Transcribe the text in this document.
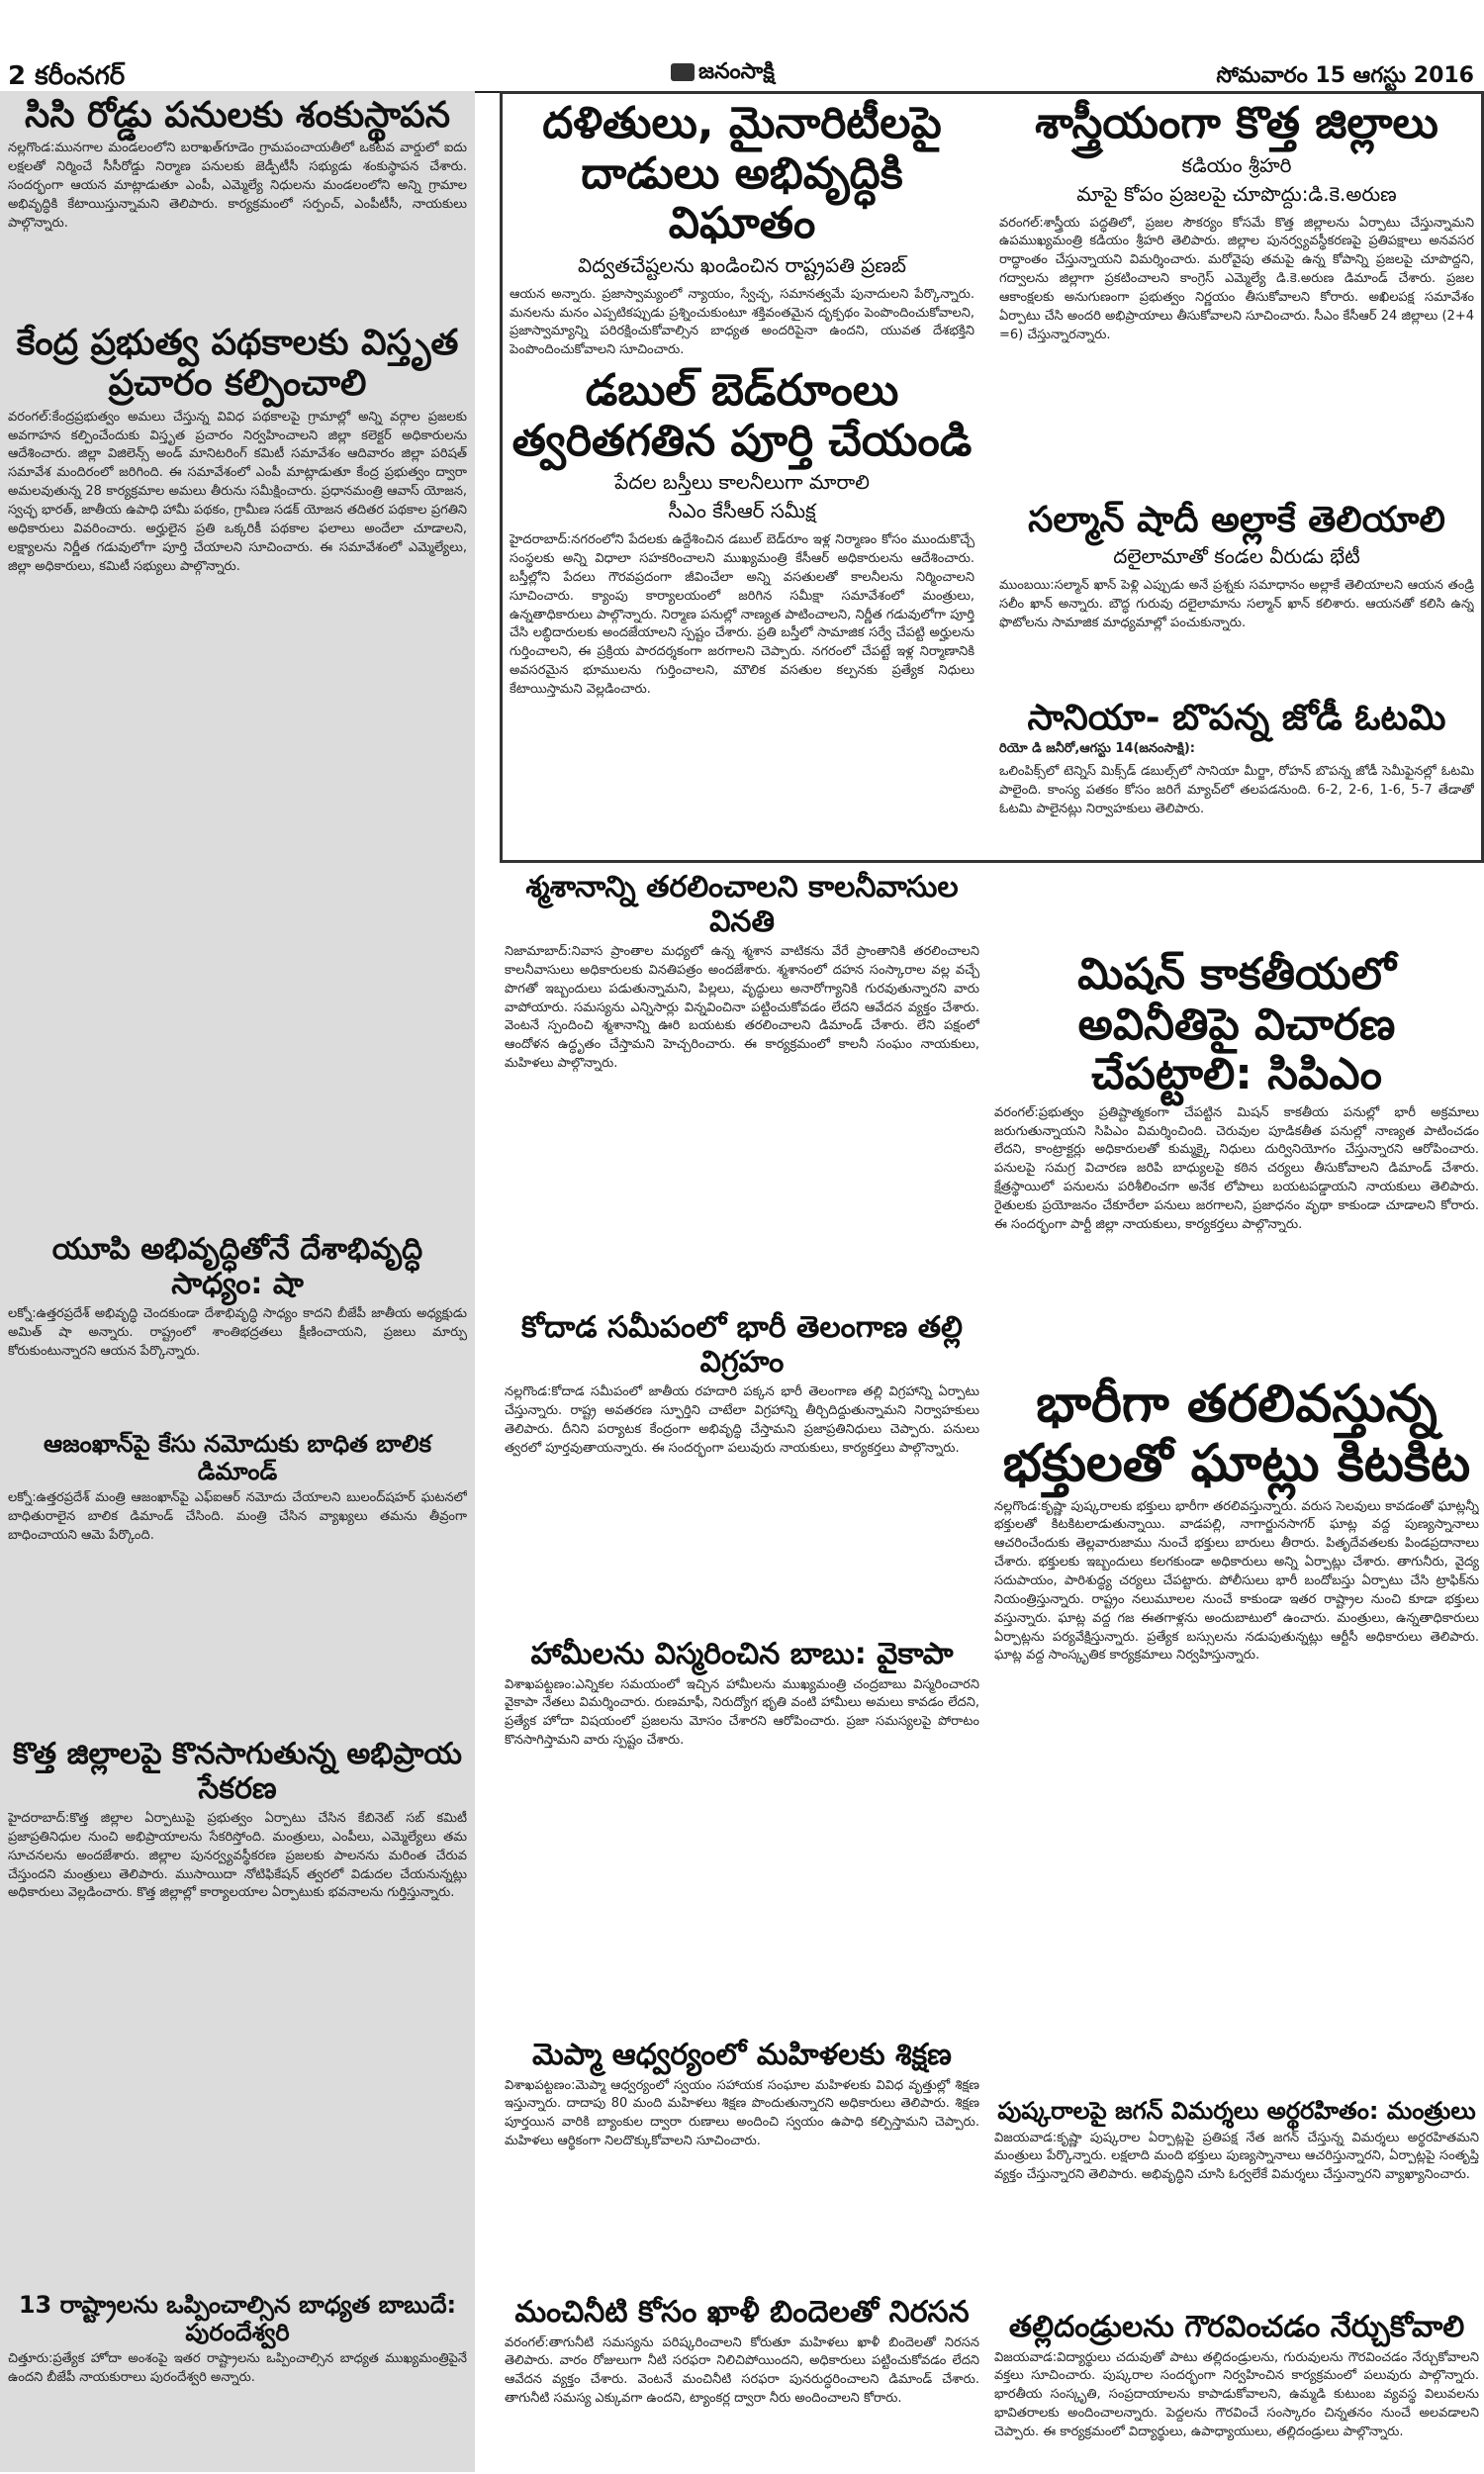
2 కరీంనగర్	జనంసాక్షి	సోమవారం 15 ఆగస్టు 2016
సిసి రోడ్డు పనులకు శంకుస్థాపన

నల్లగొండ:మునగాల మండలంలోని బరాఖత్‌గూడెం గ్రామపంచాయతీలో ఒకటవ వార్డులో ఐదు లక్షలతో నిర్మించే సీసీరోడ్డు నిర్మాణ పనులకు జెడ్పీటీసీ సభ్యుడు శంకుస్థాపన చేశారు. సందర్భంగా ఆయన మాట్లాడుతూ ఎంపీ, ఎమ్మెల్యే నిధులను మండలంలోని అన్ని గ్రామాల అభివృద్ధికి కేటాయిస్తున్నామని తెలిపారు. కార్యక్రమంలో సర్పంచ్, ఎంపీటీసీ, నాయకులు పాల్గొన్నారు.

కేంద్ర ప్రభుత్వ పథకాలకు విస్తృత ప్రచారం కల్పించాలి

వరంగల్:కేంద్రప్రభుత్వం అమలు చేస్తున్న వివిధ పథకాలపై గ్రామాల్లో అన్ని వర్గాల ప్రజలకు అవగాహన కల్పించేందుకు విస్తృత ప్రచారం నిర్వహించాలని జిల్లా కలెక్టర్ అధికారులను ఆదేశించారు. జిల్లా విజిలెన్స్ అండ్ మానిటరింగ్ కమిటీ సమావేశం ఆదివారం జిల్లా పరిషత్ సమావేశ మందిరంలో జరిగింది. ఈ సమావేశంలో ఎంపీ మాట్లాడుతూ కేంద్ర ప్రభుత్వం ద్వారా అమలవుతున్న 28 కార్యక్రమాల అమలు తీరును సమీక్షించారు. ప్రధానమంత్రి ఆవాస్ యోజన, స్వచ్ఛ భారత్, జాతీయ ఉపాధి హామీ పథకం, గ్రామీణ సడక్ యోజన తదితర పథకాల ప్రగతిని అధికారులు వివరించారు. అర్హులైన ప్రతి ఒక్కరికీ పథకాల ఫలాలు అందేలా చూడాలని, లక్ష్యాలను నిర్ణీత గడువులోగా పూర్తి చేయాలని సూచించారు. ఈ సమావేశంలో ఎమ్మెల్యేలు, జిల్లా అధికారులు, కమిటీ సభ్యులు పాల్గొన్నారు.

యూపి అభివృద్ధితోనే దేశాభివృద్ధి సాధ్యం: షా

లక్నో:ఉత్తరప్రదేశ్ అభివృద్ధి చెందకుండా దేశాభివృద్ధి సాధ్యం కాదని బీజేపీ జాతీయ అధ్యక్షుడు అమిత్ షా అన్నారు. రాష్ట్రంలో శాంతిభద్రతలు క్షీణించాయని, ప్రజలు మార్పు కోరుకుంటున్నారని ఆయన పేర్కొన్నారు.

ఆజంఖాన్‌పై కేసు నమోదుకు బాధిత బాలిక డిమాండ్

లక్నో:ఉత్తరప్రదేశ్ మంత్రి ఆజంఖాన్‌పై ఎఫ్ఐఆర్ నమోదు చేయాలని బులంద్‌షహర్ ఘటనలో బాధితురాలైన బాలిక డిమాండ్ చేసింది. మంత్రి చేసిన వ్యాఖ్యలు తమను తీవ్రంగా బాధించాయని ఆమె పేర్కొంది.

కొత్త జిల్లాలపై కొనసాగుతున్న అభిప్రాయ సేకరణ

హైదరాబాద్:కొత్త జిల్లాల ఏర్పాటుపై ప్రభుత్వం ఏర్పాటు చేసిన కేబినెట్ సబ్ కమిటీ ప్రజాప్రతినిధుల నుంచి అభిప్రాయాలను సేకరిస్తోంది. మంత్రులు, ఎంపీలు, ఎమ్మెల్యేలు తమ సూచనలను అందజేశారు. జిల్లాల పునర్వ్యవస్థీకరణ ప్రజలకు పాలనను మరింత చేరువ చేస్తుందని మంత్రులు తెలిపారు. ముసాయిదా నోటిఫికేషన్ త్వరలో విడుదల చేయనున్నట్లు అధికారులు వెల్లడించారు. కొత్త జిల్లాల్లో కార్యాలయాల ఏర్పాటుకు భవనాలను గుర్తిస్తున్నారు.

13 రాష్ట్రాలను ఒప్పించాల్సిన బాధ్యత బాబుదే: పురందేశ్వరి

చిత్తూరు:ప్రత్యేక హోదా అంశంపై ఇతర రాష్ట్రాలను ఒప్పించాల్సిన బాధ్యత ముఖ్యమంత్రిపైనే ఉందని బీజేపీ నాయకురాలు పురందేశ్వరి అన్నారు.

దళితులు, మైనారిటీలపై దాడులు అభివృద్ధికి విఘాతం
విద్వతచేష్టలను ఖండించిన రాష్ట్రపతి ప్రణబ్

ఆయన అన్నారు. ప్రజాస్వామ్యంలో న్యాయం, స్వేచ్ఛ, సమానత్వమే పునాదులని పేర్కొన్నారు. మనలను మనం ఎప్పటికప్పుడు ప్రశ్నించుకుంటూ శక్తివంతమైన దృక్పథం పెంపొందించుకోవాలని, ప్రజాస్వామ్యాన్ని పరిరక్షించుకోవాల్సిన బాధ్యత అందరిపైనా ఉందని, యువత దేశభక్తిని పెంపొందించుకోవాలని సూచించారు.

డబుల్ బెడ్‌రూంలు త్వరితగతిన పూర్తి చేయండి
పేదల బస్తీలు కాలనీలుగా మారాలి
సీఎం కేసీఆర్ సమీక్ష

హైదరాబాద్:నగరంలోని పేదలకు ఉద్దేశించిన డబుల్ బెడ్‌రూం ఇళ్ల నిర్మాణం కోసం ముందుకొచ్చే సంస్థలకు అన్ని విధాలా సహకరించాలని ముఖ్యమంత్రి కేసీఆర్ అధికారులను ఆదేశించారు. బస్తీల్లోని పేదలు గౌరవప్రదంగా జీవించేలా అన్ని వసతులతో కాలనీలను నిర్మించాలని సూచించారు. క్యాంపు కార్యాలయంలో జరిగిన సమీక్షా సమావేశంలో మంత్రులు, ఉన్నతాధికారులు పాల్గొన్నారు. నిర్మాణ పనుల్లో నాణ్యత పాటించాలని, నిర్ణీత గడువులోగా పూర్తి చేసి లబ్ధిదారులకు అందజేయాలని స్పష్టం చేశారు. ప్రతి బస్తీలో సామాజిక సర్వే చేపట్టి అర్హులను గుర్తించాలని, ఈ ప్రక్రియ పారదర్శకంగా జరగాలని చెప్పారు. నగరంలో చేపట్టే ఇళ్ల నిర్మాణానికి అవసరమైన భూములను గుర్తించాలని, మౌలిక వసతుల కల్పనకు ప్రత్యేక నిధులు కేటాయిస్తామని వెల్లడించారు.

శాస్త్రీయంగా కొత్త జిల్లాలు
కడియం శ్రీహరి
మాపై కోపం ప్రజలపై చూపొద్దు:డి.కె.అరుణ

వరంగల్:శాస్త్రీయ పద్ధతిలో, ప్రజల సౌకర్యం కోసమే కొత్త జిల్లాలను ఏర్పాటు చేస్తున్నామని ఉపముఖ్యమంత్రి కడియం శ్రీహరి తెలిపారు. జిల్లాల పునర్వ్యవస్థీకరణపై ప్రతిపక్షాలు అనవసర రాద్ధాంతం చేస్తున్నాయని విమర్శించారు. మరోవైపు తమపై ఉన్న కోపాన్ని ప్రజలపై చూపొద్దని, గద్వాలను జిల్లాగా ప్రకటించాలని కాంగ్రెస్ ఎమ్మెల్యే డి.కె.అరుణ డిమాండ్ చేశారు. ప్రజల ఆకాంక్షలకు అనుగుణంగా ప్రభుత్వం నిర్ణయం తీసుకోవాలని కోరారు. అఖిలపక్ష సమావేశం ఏర్పాటు చేసి అందరి అభిప్రాయాలు తీసుకోవాలని సూచించారు. సీఎం కేసీఆర్ 24 జిల్లాలు (2+4 =6) చేస్తున్నారన్నారు.

సల్మాన్ షాదీ అల్లాకే తెలియాలి
దలైలామాతో కండల వీరుడు భేటీ

ముంబయి:సల్మాన్ ఖాన్ పెళ్లి ఎప్పుడు అనే ప్రశ్నకు సమాధానం అల్లాకే తెలియాలని ఆయన తండ్రి సలీం ఖాన్ అన్నారు. బౌద్ధ గురువు దలైలామాను సల్మాన్ ఖాన్ కలిశారు. ఆయనతో కలిసి ఉన్న ఫొటోలను సామాజిక మాధ్యమాల్లో పంచుకున్నారు.

సానియా- బొపన్న జోడీ ఓటమి

రియో డి జనీరో,ఆగస్టు 14(జనంసాక్షి):

ఒలింపిక్స్‌లో టెన్నిస్ మిక్స్‌డ్ డబుల్స్‌లో సానియా మీర్జా, రోహన్ బొపన్న జోడీ సెమీఫైనల్లో ఓటమి పాలైంది. కాంస్య పతకం కోసం జరిగే మ్యాచ్‌లో తలపడనుంది. 6-2, 2-6, 1-6, 5-7 తేడాతో ఓటమి పాలైనట్లు నిర్వాహకులు తెలిపారు.

శ్మశానాన్ని తరలించాలని కాలనీవాసుల వినతి

నిజామాబాద్:నివాస ప్రాంతాల మధ్యలో ఉన్న శ్మశాన వాటికను వేరే ప్రాంతానికి తరలించాలని కాలనీవాసులు అధికారులకు వినతిపత్రం అందజేశారు. శ్మశానంలో దహన సంస్కారాల వల్ల వచ్చే పొగతో ఇబ్బందులు పడుతున్నామని, పిల్లలు, వృద్ధులు అనారోగ్యానికి గురవుతున్నారని వారు వాపోయారు. సమస్యను ఎన్నిసార్లు విన్నవించినా పట్టించుకోవడం లేదని ఆవేదన వ్యక్తం చేశారు. వెంటనే స్పందించి శ్మశానాన్ని ఊరి బయటకు తరలించాలని డిమాండ్ చేశారు. లేని పక్షంలో ఆందోళన ఉద్ధృతం చేస్తామని హెచ్చరించారు. ఈ కార్యక్రమంలో కాలనీ సంఘం నాయకులు, మహిళలు పాల్గొన్నారు.

కోదాడ సమీపంలో భారీ తెలంగాణ తల్లి విగ్రహం

నల్లగొండ:కోదాడ సమీపంలో జాతీయ రహదారి పక్కన భారీ తెలంగాణ తల్లి విగ్రహాన్ని ఏర్పాటు చేస్తున్నారు. రాష్ట్ర అవతరణ స్ఫూర్తిని చాటేలా విగ్రహాన్ని తీర్చిదిద్దుతున్నామని నిర్వాహకులు తెలిపారు. దీనిని పర్యాటక కేంద్రంగా అభివృద్ధి చేస్తామని ప్రజాప్రతినిధులు చెప్పారు. పనులు త్వరలో పూర్తవుతాయన్నారు. ఈ సందర్భంగా పలువురు నాయకులు, కార్యకర్తలు పాల్గొన్నారు.

హామీలను విస్మరించిన బాబు: వైకాపా

విశాఖపట్టణం:ఎన్నికల సమయంలో ఇచ్చిన హామీలను ముఖ్యమంత్రి చంద్రబాబు విస్మరించారని వైకాపా నేతలు విమర్శించారు. రుణమాఫీ, నిరుద్యోగ భృతి వంటి హామీలు అమలు కావడం లేదని, ప్రత్యేక హోదా విషయంలో ప్రజలను మోసం చేశారని ఆరోపించారు. ప్రజా సమస్యలపై పోరాటం కొనసాగిస్తామని వారు స్పష్టం చేశారు.

మెప్మా ఆధ్వర్యంలో మహిళలకు శిక్షణ

విశాఖపట్టణం:మెప్మా ఆధ్వర్యంలో స్వయం సహాయక సంఘాల మహిళలకు వివిధ వృత్తుల్లో శిక్షణ ఇస్తున్నారు. దాదాపు 80 మంది మహిళలు శిక్షణ పొందుతున్నారని అధికారులు తెలిపారు. శిక్షణ పూర్తయిన వారికి బ్యాంకుల ద్వారా రుణాలు అందించి స్వయం ఉపాధి కల్పిస్తామని చెప్పారు. మహిళలు ఆర్థికంగా నిలదొక్కుకోవాలని సూచించారు.

మంచినీటి కోసం ఖాళీ బిందెలతో నిరసన

వరంగల్:తాగునీటి సమస్యను పరిష్కరించాలని కోరుతూ మహిళలు ఖాళీ బిందెలతో నిరసన తెలిపారు. వారం రోజులుగా నీటి సరఫరా నిలిచిపోయిందని, అధికారులు పట్టించుకోవడం లేదని ఆవేదన వ్యక్తం చేశారు. వెంటనే మంచినీటి సరఫరా పునరుద్ధరించాలని డిమాండ్ చేశారు. తాగునీటి సమస్య ఎక్కువగా ఉందని, ట్యాంకర్ల ద్వారా నీరు అందించాలని కోరారు.

మిషన్ కాకతీయలో అవినీతిపై విచారణ చేపట్టాలి: సిపిఎం

వరంగల్:ప్రభుత్వం ప్రతిష్టాత్మకంగా చేపట్టిన మిషన్ కాకతీయ పనుల్లో భారీ అక్రమాలు జరుగుతున్నాయని సిపిఎం విమర్శించింది. చెరువుల పూడికతీత పనుల్లో నాణ్యత పాటించడం లేదని, కాంట్రాక్టర్లు అధికారులతో కుమ్మక్కై నిధులు దుర్వినియోగం చేస్తున్నారని ఆరోపించారు. పనులపై సమగ్ర విచారణ జరిపి బాధ్యులపై కఠిన చర్యలు తీసుకోవాలని డిమాండ్ చేశారు. క్షేత్రస్థాయిలో పనులను పరిశీలించగా అనేక లోపాలు బయటపడ్డాయని నాయకులు తెలిపారు. రైతులకు ప్రయోజనం చేకూరేలా పనులు జరగాలని, ప్రజాధనం వృథా కాకుండా చూడాలని కోరారు. ఈ సందర్భంగా పార్టీ జిల్లా నాయకులు, కార్యకర్తలు పాల్గొన్నారు.

భారీగా తరలివస్తున్న భక్తులతో ఘాట్లు కిటకిట

నల్లగొండ:కృష్ణా పుష్కరాలకు భక్తులు భారీగా తరలివస్తున్నారు. వరుస సెలవులు కావడంతో ఘాట్లన్నీ భక్తులతో కిటకిటలాడుతున్నాయి. వాడపల్లి, నాగార్జునసాగర్ ఘాట్ల వద్ద పుణ్యస్నానాలు ఆచరించేందుకు తెల్లవారుజాము నుంచే భక్తులు బారులు తీరారు. పితృదేవతలకు పిండప్రదానాలు చేశారు. భక్తులకు ఇబ్బందులు కలగకుండా అధికారులు అన్ని ఏర్పాట్లు చేశారు. తాగునీరు, వైద్య సదుపాయం, పారిశుద్ధ్య చర్యలు చేపట్టారు. పోలీసులు భారీ బందోబస్తు ఏర్పాటు చేసి ట్రాఫిక్‌ను నియంత్రిస్తున్నారు. రాష్ట్రం నలుమూలల నుంచే కాకుండా ఇతర రాష్ట్రాల నుంచి కూడా భక్తులు వస్తున్నారు. ఘాట్ల వద్ద గజ ఈతగాళ్లను అందుబాటులో ఉంచారు. మంత్రులు, ఉన్నతాధికారులు ఏర్పాట్లను పర్యవేక్షిస్తున్నారు. ప్రత్యేక బస్సులను నడుపుతున్నట్లు ఆర్టీసీ అధికారులు తెలిపారు. ఘాట్ల వద్ద సాంస్కృతిక కార్యక్రమాలు నిర్వహిస్తున్నారు.

పుష్కరాలపై జగన్ విమర్శలు అర్థరహితం: మంత్రులు

విజయవాడ:కృష్ణా పుష్కరాల ఏర్పాట్లపై ప్రతిపక్ష నేత జగన్ చేస్తున్న విమర్శలు అర్థరహితమని మంత్రులు పేర్కొన్నారు. లక్షలాది మంది భక్తులు పుణ్యస్నానాలు ఆచరిస్తున్నారని, ఏర్పాట్లపై సంతృప్తి వ్యక్తం చేస్తున్నారని తెలిపారు. అభివృద్ధిని చూసి ఓర్వలేకే విమర్శలు చేస్తున్నారని వ్యాఖ్యానించారు.

తల్లిదండ్రులను గౌరవించడం నేర్చుకోవాలి

విజయవాడ:విద్యార్థులు చదువుతో పాటు తల్లిదండ్రులను, గురువులను గౌరవించడం నేర్చుకోవాలని వక్తలు సూచించారు. పుష్కరాల సందర్భంగా నిర్వహించిన కార్యక్రమంలో పలువురు పాల్గొన్నారు. భారతీయ సంస్కృతి, సంప్రదాయాలను కాపాడుకోవాలని, ఉమ్మడి కుటుంబ వ్యవస్థ విలువలను భావితరాలకు అందించాలన్నారు. పెద్దలను గౌరవించే సంస్కారం చిన్నతనం నుంచే అలవడాలని చెప్పారు. ఈ కార్యక్రమంలో విద్యార్థులు, ఉపాధ్యాయులు, తల్లిదండ్రులు పాల్గొన్నారు.
